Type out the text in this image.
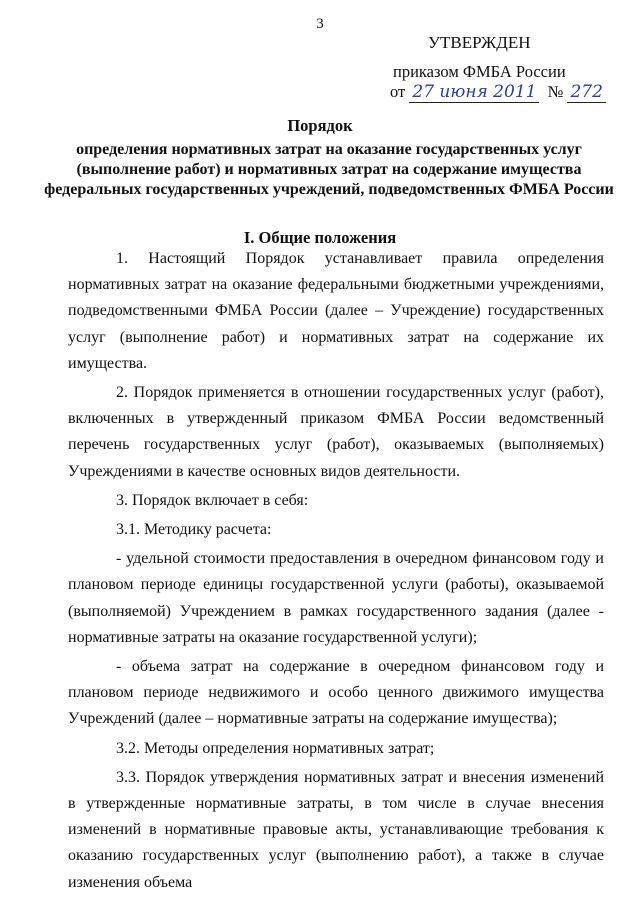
3
УТВЕРЖДЕН
приказом ФМБА России
от 27 июня 2011 № 272
Порядок
определения нормативных затрат на оказание государственных услуг (выполнение работ) и нормативных затрат на содержание имущества федеральных государственных учреждений, подведомственных ФМБА России
I. Общие положения

1. Настоящий Порядок устанавливает правила определения нормативных затрат на оказание федеральными бюджетными учреждениями, подведомственными ФМБА России (далее – Учреждение) государственных услуг (выполнение работ) и нормативных затрат на содержание их имущества.

2. Порядок применяется в отношении государственных услуг (работ), включенных в утвержденный приказом ФМБА России ведомственный перечень государственных услуг (работ), оказываемых (выполняемых) Учреждениями в качестве основных видов деятельности.

3. Порядок включает в себя:

3.1. Методику расчета:

- удельной стоимости предоставления в очередном финансовом году и плановом периоде единицы государственной услуги (работы), оказываемой (выполняемой) Учреждением в рамках государственного задания (далее - нормативные затраты на оказание государственной услуги);

- объема затрат на содержание в очередном финансовом году и плановом периоде недвижимого и особо ценного движимого имущества Учреждений (далее – нормативные затраты на содержание имущества);

3.2. Методы определения нормативных затрат;

3.3. Порядок утверждения нормативных затрат и внесения изменений в утвержденные нормативные затраты, в том числе в случае внесения изменений в нормативные правовые акты, устанавливающие требования к оказанию государственных услуг (выполнению работ), а также в случае изменения объема
